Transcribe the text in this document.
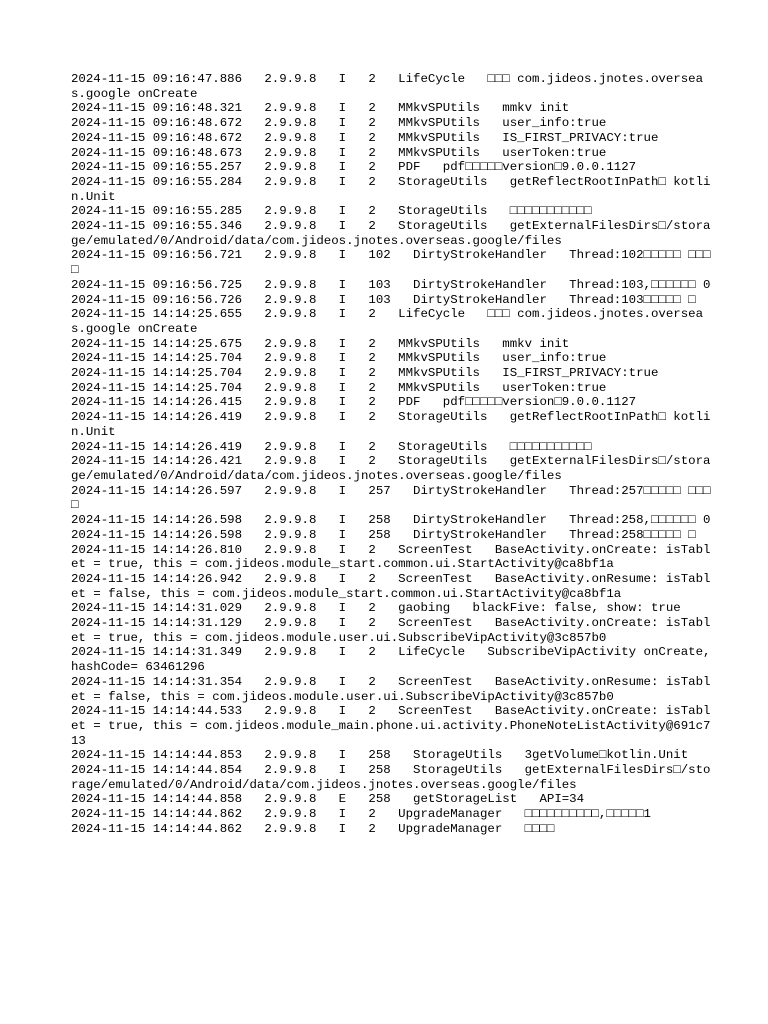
2024-11-15 09:16:47.886   2.9.9.8   I   2   LifeCycle   □□□ com.jideos.jnotes.overseas.google onCreate
2024-11-15 09:16:48.321   2.9.9.8   I   2   MMkvSPUtils   mmkv init
2024-11-15 09:16:48.672   2.9.9.8   I   2   MMkvSPUtils   user_info:true
2024-11-15 09:16:48.672   2.9.9.8   I   2   MMkvSPUtils   IS_FIRST_PRIVACY:true
2024-11-15 09:16:48.673   2.9.9.8   I   2   MMkvSPUtils   userToken:true
2024-11-15 09:16:55.257   2.9.9.8   I   2   PDF   pdf□□□□□version□9.0.0.1127
2024-11-15 09:16:55.284   2.9.9.8   I   2   StorageUtils   getReflectRootInPath□ kotlin.Unit
2024-11-15 09:16:55.285   2.9.9.8   I   2   StorageUtils   □□□□□□□□□□□
2024-11-15 09:16:55.346   2.9.9.8   I   2   StorageUtils   getExternalFilesDirs□/storage/emulated/0/Android/data/com.jideos.jnotes.overseas.google/files
2024-11-15 09:16:56.721   2.9.9.8   I   102   DirtyStrokeHandler   Thread:102□□□□□ □□□□
2024-11-15 09:16:56.725   2.9.9.8   I   103   DirtyStrokeHandler   Thread:103,□□□□□□ 0
2024-11-15 09:16:56.726   2.9.9.8   I   103   DirtyStrokeHandler   Thread:103□□□□□ □
2024-11-15 14:14:25.655   2.9.9.8   I   2   LifeCycle   □□□ com.jideos.jnotes.overseas.google onCreate
2024-11-15 14:14:25.675   2.9.9.8   I   2   MMkvSPUtils   mmkv init
2024-11-15 14:14:25.704   2.9.9.8   I   2   MMkvSPUtils   user_info:true
2024-11-15 14:14:25.704   2.9.9.8   I   2   MMkvSPUtils   IS_FIRST_PRIVACY:true
2024-11-15 14:14:25.704   2.9.9.8   I   2   MMkvSPUtils   userToken:true
2024-11-15 14:14:26.415   2.9.9.8   I   2   PDF   pdf□□□□□version□9.0.0.1127
2024-11-15 14:14:26.419   2.9.9.8   I   2   StorageUtils   getReflectRootInPath□ kotlin.Unit
2024-11-15 14:14:26.419   2.9.9.8   I   2   StorageUtils   □□□□□□□□□□□
2024-11-15 14:14:26.421   2.9.9.8   I   2   StorageUtils   getExternalFilesDirs□/storage/emulated/0/Android/data/com.jideos.jnotes.overseas.google/files
2024-11-15 14:14:26.597   2.9.9.8   I   257   DirtyStrokeHandler   Thread:257□□□□□ □□□□
2024-11-15 14:14:26.598   2.9.9.8   I   258   DirtyStrokeHandler   Thread:258,□□□□□□ 0
2024-11-15 14:14:26.598   2.9.9.8   I   258   DirtyStrokeHandler   Thread:258□□□□□ □
2024-11-15 14:14:26.810   2.9.9.8   I   2   ScreenTest   BaseActivity.onCreate: isTablet = true, this = com.jideos.module_start.common.ui.StartActivity@ca8bf1a
2024-11-15 14:14:26.942   2.9.9.8   I   2   ScreenTest   BaseActivity.onResume: isTablet = false, this = com.jideos.module_start.common.ui.StartActivity@ca8bf1a
2024-11-15 14:14:31.029   2.9.9.8   I   2   gaobing   blackFive: false, show: true
2024-11-15 14:14:31.129   2.9.9.8   I   2   ScreenTest   BaseActivity.onCreate: isTablet = true, this = com.jideos.module.user.ui.SubscribeVipActivity@3c857b0
2024-11-15 14:14:31.349   2.9.9.8   I   2   LifeCycle   SubscribeVipActivity onCreate, hashCode= 63461296
2024-11-15 14:14:31.354   2.9.9.8   I   2   ScreenTest   BaseActivity.onResume: isTablet = false, this = com.jideos.module.user.ui.SubscribeVipActivity@3c857b0
2024-11-15 14:14:44.533   2.9.9.8   I   2   ScreenTest   BaseActivity.onCreate: isTablet = true, this = com.jideos.module_main.phone.ui.activity.PhoneNoteListActivity@691c713
2024-11-15 14:14:44.853   2.9.9.8   I   258   StorageUtils   3getVolume□kotlin.Unit
2024-11-15 14:14:44.854   2.9.9.8   I   258   StorageUtils   getExternalFilesDirs□/storage/emulated/0/Android/data/com.jideos.jnotes.overseas.google/files
2024-11-15 14:14:44.858   2.9.9.8   E   258   getStorageList   API=34
2024-11-15 14:14:44.862   2.9.9.8   I   2   UpgradeManager   □□□□□□□□□□,□□□□□1
2024-11-15 14:14:44.862   2.9.9.8   I   2   UpgradeManager   □□□□
